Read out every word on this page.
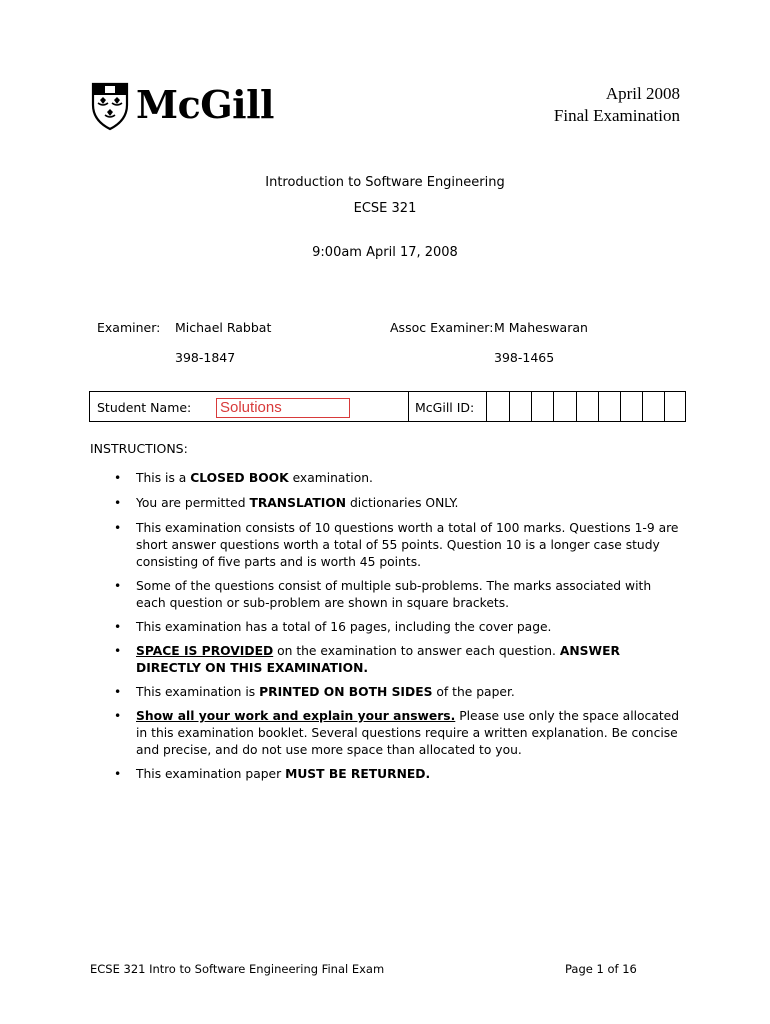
McGill	April 2008
Final Examination
Introduction to Software Engineering
ECSE 321
9:00am April 17, 2008
Examiner: Michael Rabbat
398-1847
Assoc Examiner: M Maheswaran
398-1465
Student Name: Solutions	McGill ID:
INSTRUCTIONS:
• This is a CLOSED BOOK examination.
• You are permitted TRANSLATION dictionaries ONLY.
• This examination consists of 10 questions worth a total of 100 marks. Questions 1-9 are short answer questions worth a total of 55 points. Question 10 is a longer case study consisting of five parts and is worth 45 points.
• Some of the questions consist of multiple sub-problems. The marks associated with each question or sub-problem are shown in square brackets.
• This examination has a total of 16 pages, including the cover page.
• SPACE IS PROVIDED on the examination to answer each question. ANSWER DIRECTLY ON THIS EXAMINATION.
• This examination is PRINTED ON BOTH SIDES of the paper.
• Show all your work and explain your answers. Please use only the space allocated in this examination booklet. Several questions require a written explanation. Be concise and precise, and do not use more space than allocated to you.
• This examination paper MUST BE RETURNED.
ECSE 321 Intro to Software Engineering Final Exam	Page 1 of 16
